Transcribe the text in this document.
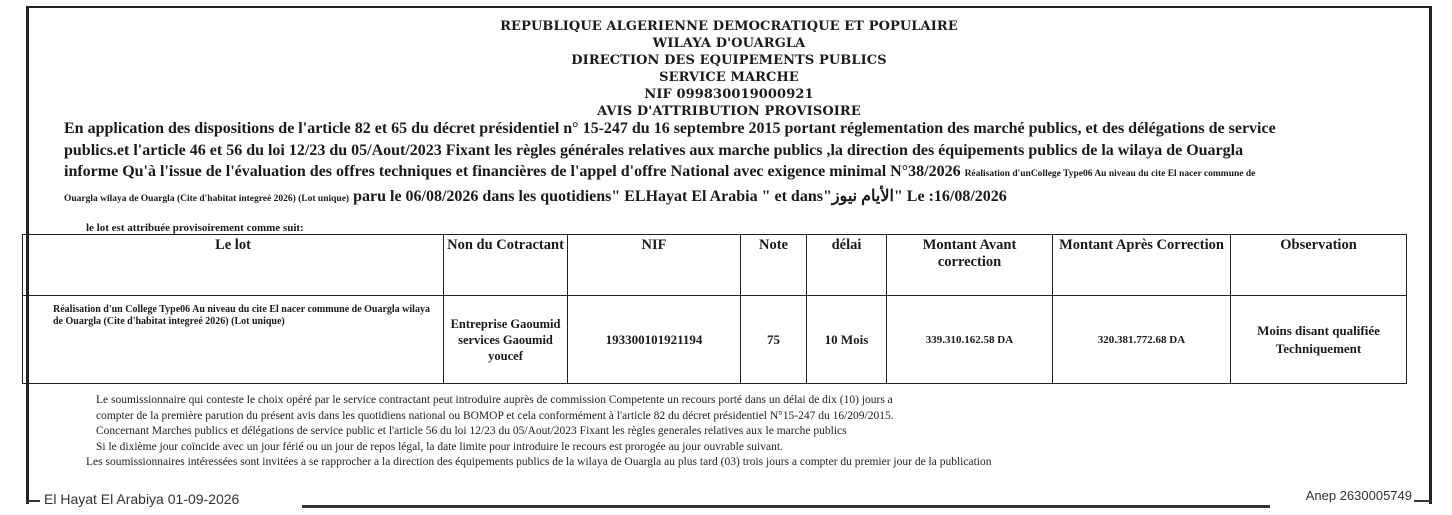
REPUBLIQUE ALGERIENNE DEMOCRATIQUE ET POPULAIRE
WILAYA D'OUARGLA
DIRECTION DES EQUIPEMENTS PUBLICS
SERVICE MARCHE
NIF 099830019000921
AVIS D'ATTRIBUTION PROVISOIRE
En application des dispositions de l'article 82 et 65 du décret présidentiel n° 15-247 du 16 septembre 2015 portant réglementation des marché publics, et des délégations de service publics.et l'article 46 et 56 du loi 12/23 du 05/Aout/2023 Fixant les règles générales relatives aux marche publics ,la direction des équipements publics de la wilaya de Ouargla informe Qu'à l'issue de l'évaluation des offres techniques et financières de l'appel d'offre National avec exigence minimal N°38/2026 Réalisation d'unCollege Type06 Au niveau du cite El nacer commune de Ouargla wilaya de Ouargla (Cite d'habitat integreé 2026) (Lot unique) paru le 06/08/2026 dans les quotidiens" ELHayat El Arabia " et dans"الأيام نيوز" Le :16/08/2026
le lot est attribuée provisoirement comme suit:
Le lot	Non du Cotractant	NIF	Note	délai	Montant Avant correction	Montant Après Correction	Observation
Réalisation d'un College Type06 Au niveau du cite El nacer commune de Ouargla wilaya de Ouargla (Cite d'habitat integreé 2026) (Lot unique)	Entreprise Gaoumid services Gaoumid youcef	193300101921194	75	10 Mois	339.310.162.58 DA	320.381.772.68 DA	Moins disant qualifiée Techniquement
Le soumissionnaire qui conteste le choix opéré par le service contractant peut introduire auprès de commission Competente un recours porté dans un délai de dix (10) jours a
compter de la première parution du présent avis dans les quotidiens national ou BOMOP et cela conformément à l'article 82 du décret présidentiel N°15-247 du 16/209/2015.
Concernant Marches publics et délégations de service public et l'article 56 du loi 12/23 du 05/Aout/2023 Fixant les règles generales relatives aux le marche publics
Si le dixième jour coïncide avec un jour férié ou un jour de repos légal, la date limite pour introduire le recours est prorogée au jour ouvrable suivant.
Les soumissionnaires intéressées sont invitées a se rapprocher a la direction des équipements publics de la wilaya de Ouargla au plus tard (03) trois jours a compter du premier jour de la publication
El Hayat El Arabiya 01-09-2026	Anep 2630005749
